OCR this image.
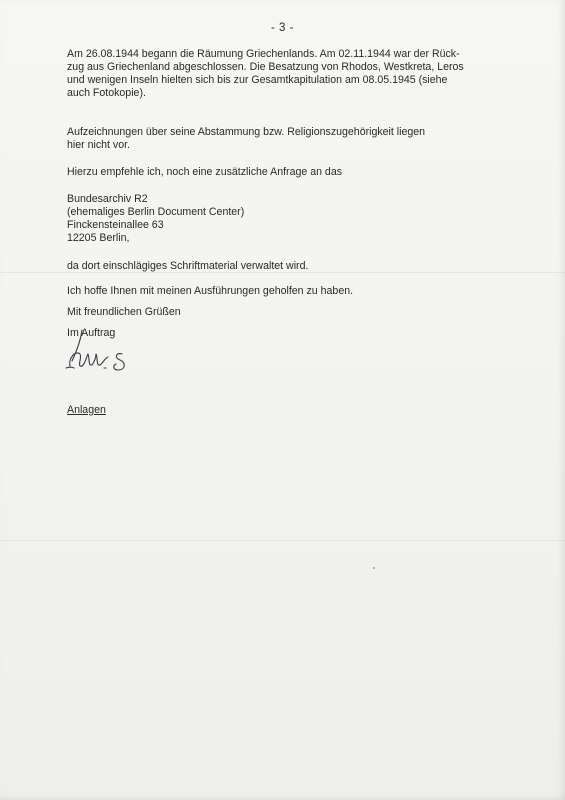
- 3 -

Am 26.08.1944 begann die Räumung Griechenlands. Am 02.11.1944 war der Rück-
zug aus Griechenland abgeschlossen. Die Besatzung von Rhodos, Westkreta, Leros
und wenigen Inseln hielten sich bis zur Gesamtkapitulation am 08.05.1945 (siehe
auch Fotokopie).

Aufzeichnungen über seine Abstammung bzw. Religionszugehörigkeit liegen
hier nicht vor.

Hierzu empfehle ich, noch eine zusätzliche Anfrage an das

Bundesarchiv R2
(ehemaliges Berlin Document Center)
Finckensteinallee 63
12205 Berlin,

da dort einschlägiges Schriftmaterial verwaltet wird.

Ich hoffe Ihnen mit meinen Ausführungen geholfen zu haben.

Mit freundlichen Grüßen

Im Auftrag

Anlagen
